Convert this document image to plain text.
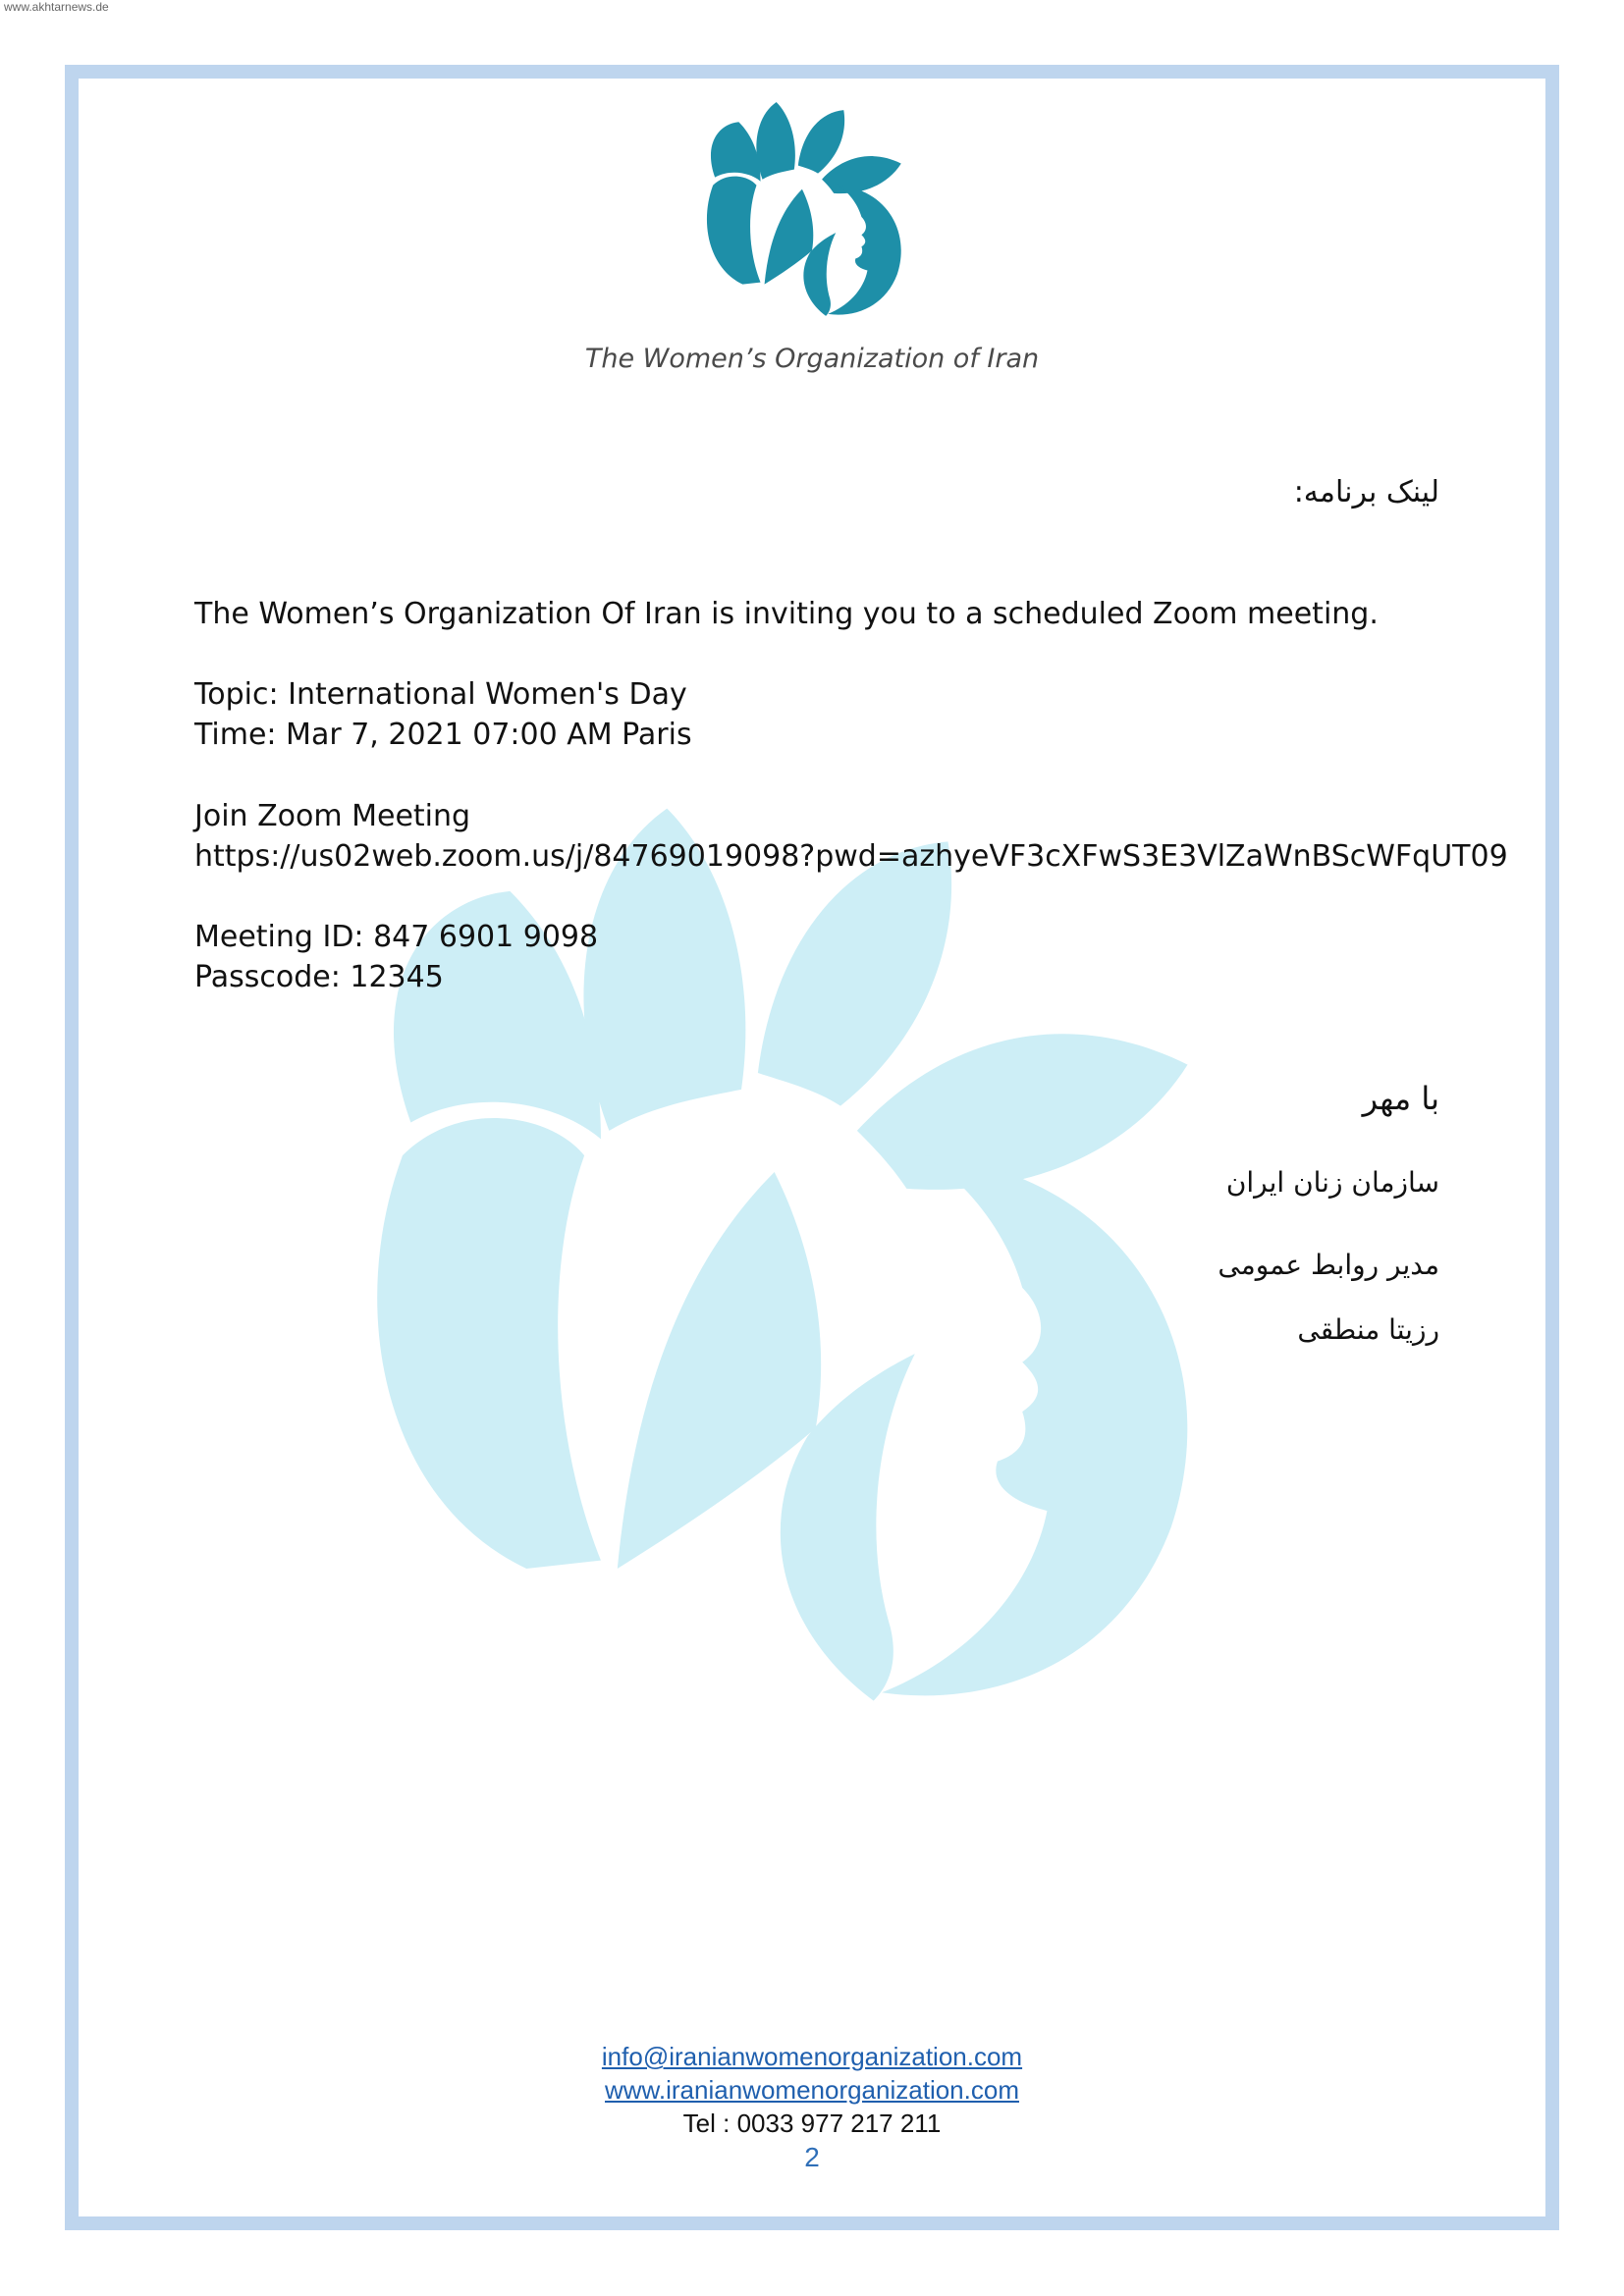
www.akhtarnews.de
The Women’s Organization of Iran
لینک برنامه:
The Women’s Organization Of Iran is inviting you to a scheduled Zoom meeting.
Topic: International Women's Day
Time: Mar 7, 2021 07:00 AM Paris
Join Zoom Meeting
https://us02web.zoom.us/j/84769019098?pwd=azhyeVF3cXFwS3E3VlZaWnBScWFqUT09
Meeting ID: 847 6901 9098
Passcode: 12345
با مهر
سازمان زنان ایران
مدیر روابط عمومی
رزیتا منطقی
info@iranianwomenorganization.com
www.iranianwomenorganization.com
Tel : 0033 977 217 211
2
